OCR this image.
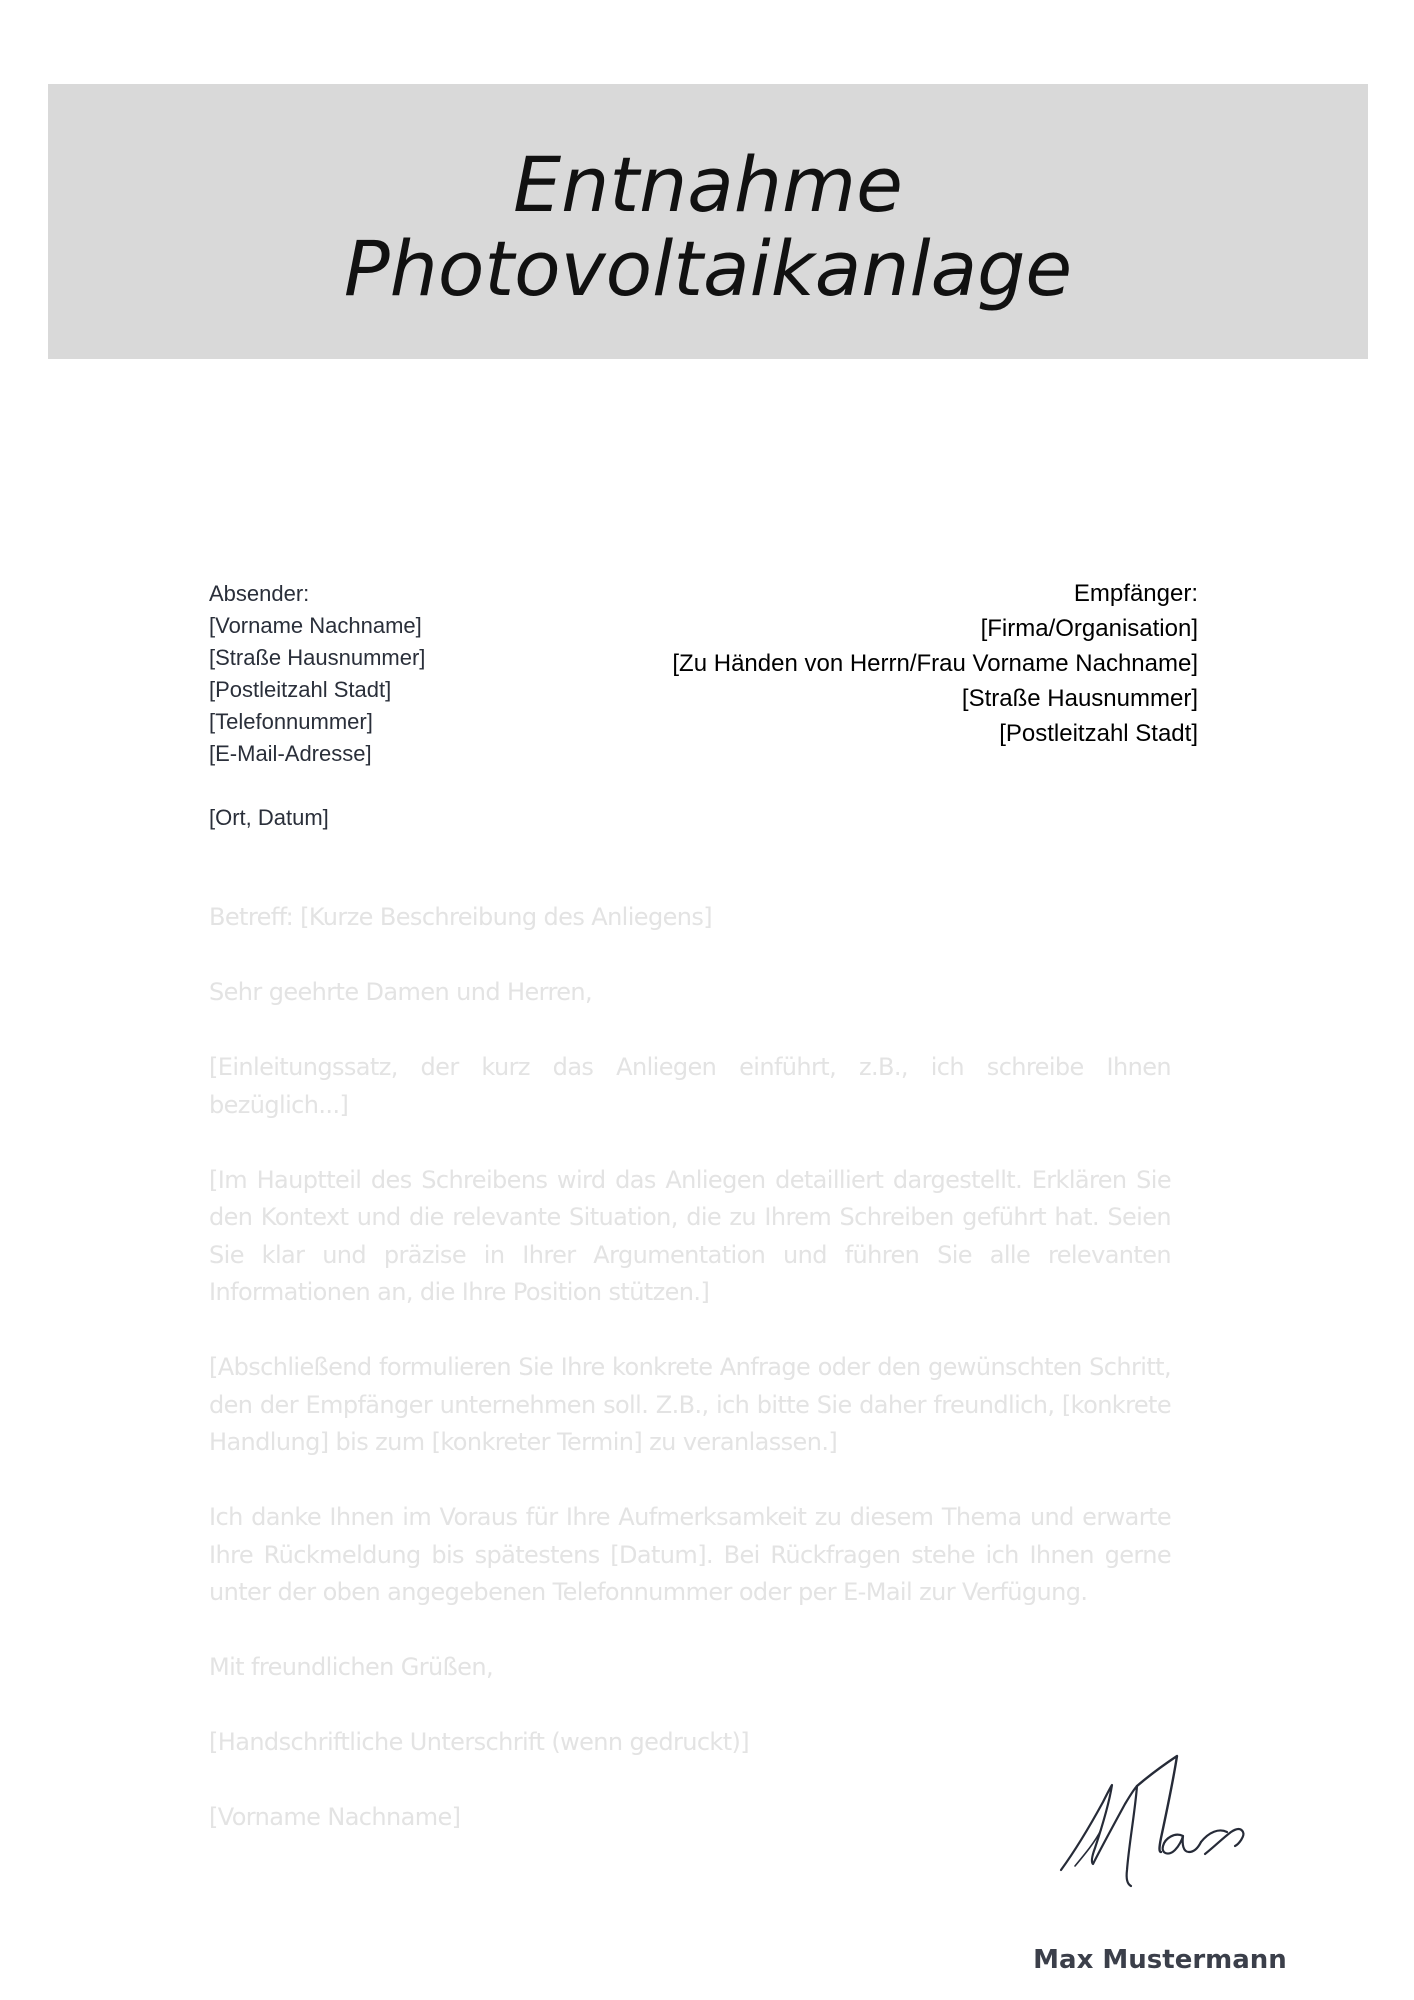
Entnahme
Photovoltaikanlage
Absender:
[Vorname Nachname]
[Straße Hausnummer]
[Postleitzahl Stadt]
[Telefonnummer]
[E-Mail-Adresse]
[Ort, Datum]
Empfänger:
[Firma/Organisation]
[Zu Händen von Herrn/Frau Vorname Nachname]
[Straße Hausnummer]
[Postleitzahl Stadt]

Betreff: [Kurze Beschreibung des Anliegens]

Sehr geehrte Damen und Herren,

[Einleitungssatz, der kurz das Anliegen einführt, z.B., ich schreibe Ihnen bezüglich...]

[Im Hauptteil des Schreibens wird das Anliegen detailliert dargestellt. Erklären Sie den Kontext und die relevante Situation, die zu Ihrem Schreiben geführt hat. Seien Sie klar und präzise in Ihrer Argumentation und führen Sie alle relevanten Informationen an, die Ihre Position stützen.]

[Abschließend formulieren Sie Ihre konkrete Anfrage oder den gewünschten Schritt, den der Empfänger unternehmen soll. Z.B., ich bitte Sie daher freundlich, [konkrete Handlung] bis zum [konkreter Termin] zu veranlassen.]

Ich danke Ihnen im Voraus für Ihre Aufmerksamkeit zu diesem Thema und erwarte Ihre Rückmeldung bis spätestens [Datum]. Bei Rückfragen stehe ich Ihnen gerne unter der oben angegebenen Telefonnummer oder per E-Mail zur Verfügung.

Mit freundlichen Grüßen,

[Handschriftliche Unterschrift (wenn gedruckt)]

[Vorname Nachname]

Max Mustermann
